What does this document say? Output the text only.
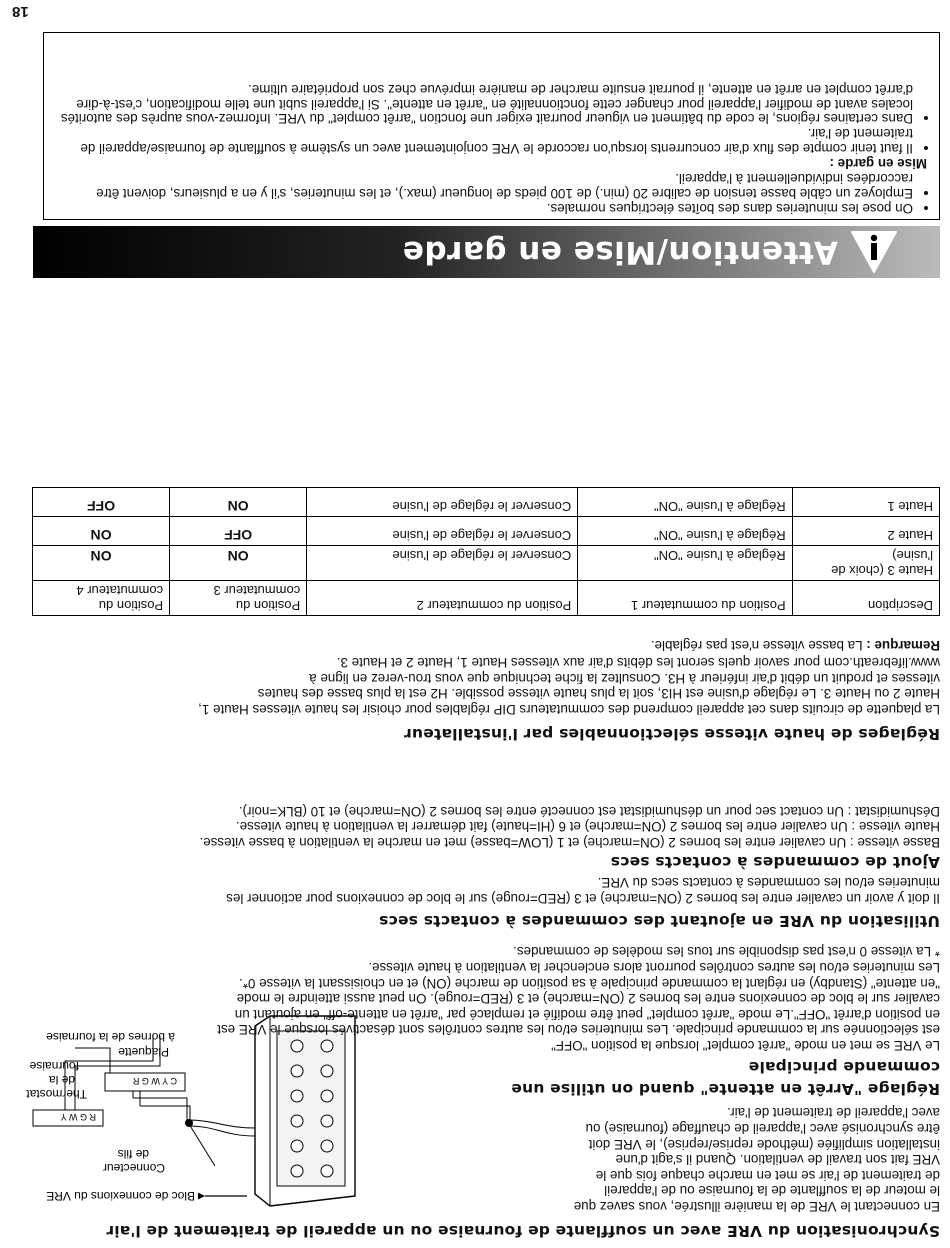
Synchronisation du VRE avec un soufflante de fournaise ou un appareil de traitement de l'air
R G W Y
C Y W G R
Bloc de connexions du VRE
Connecteur
de fils
Thermostat
de la
fournaise
Plaquette
à bornes de la fournaise

En connectant le VRE de la manière illustrée, vous savez que

le moteur de la soufflante de la fournaise ou de l'appareil

de traitement de l'air se met en marche chaque fois que le

VRE fait son travail de ventilation. Quand il s'agit d'une

installation simplifiée (méthode reprise/reprise), le VRE doit

être synchronisé avec l'appareil de chauffage (fournaise) ou

avec l'appareil de traitement de l'air.

Réglage "Arrêt en attente" quand on utilise une
commande principale

Le VRE se met en mode "arrêt complet" lorsque la position "OFF"

est sélectionnée sur la commande principale. Les minuteries et/ou les autres contrôles sont désactivés lorsque le VRE est

en position d'arrêt "OFF".Le mode "arrêt complet" peut être modifié et remplacé par "arrêt en attente-off" en ajoutant un

cavalier sur le bloc de connexions entre les bornes 2 (ON=marche) et 3 (RED=rouge). On peut aussi atteindre le mode

"en attente" (Standby) en réglant la commande principale à sa position de marche (ON) et en choisissant la vitesse 0*.

Les minuteries et/ou les autres contrôles pourront alors enclencher la ventilation à haute vitesse.

* La vitesse 0 n'est pas disponible sur tous les modèles de commandes.

Utilisation du VRE en ajoutant des commandes à contacts secs

Il doit y avoir un cavalier entre les bornes 2 (ON=marche) et 3 (RED=rouge) sur le bloc de connexions pour actionner les

minuteries et/ou les commandes à contacts secs du VRE.

Ajout de commandes à contacts secs

Basse vitesse : Un cavalier entre les bornes 2 (ON=marche) et 1 (LOW=basse) met en marche la ventilation à basse vitesse.

Haute vitesse : Un cavalier entre les bornes 2 (ON=marche) et 6 (HI=haute) fait démarrer la ventilation à haute vitesse.

Déshumidistat : Un contact sec pour un déshumidistat est connecté entre les bornes 2 (ON=marche) et 10 (BLK=noir).

Réglages de haute vitesse sélectionnables par l'installateur

La plaquette de circuits dans cet appareil comprend des commutateurs DIP réglables pour choisir les haute vitesses Haute 1,

Haute 2 ou Haute 3. Le réglage d'usine est HI3, soit la plus haute vitesse possible. H2 est la plus basse des hautes

vitesses et produit un débit d'air inférieur à H3. Consultez la fiche technique que vous trou-verez en ligne à

www.lifebreath.com pour savoir quels seront les débits d'air aux vitesses Haute 1, Haute 2 et Haute 3.

Remarque : La basse vitesse n'est pas réglable.

Description	Position du commutateur 1	Position du commutateur 2	Position du commutateur 3	Position du commutateur 4
Haute 3 (choix de l'usine)	Réglage à l'usine "ON"	Conserver le réglage de l'usine	ON	ON
Haute 2	Réglage à l'usine "ON"	Conserver le réglage de l'usine	OFF	ON
Haute 1	Réglage à l'usine "ON"	Conserver le réglage de l'usine	ON	OFF
Attention/Mise en garde
• On pose les minuteries dans des boîtes électriques normales.
• Employez un câble basse tension de calibre 20 (min.) de 100 pieds de longueur (max.), et les minuteries, s'il y en a plusieurs, doivent être raccordées individuellement à l'appareil.

Mise en garde :

• Il faut tenir compte des flux d'air concurrents lorsqu'on raccorde le VRE conjointement avec un système à soufflante de fournaise/appareil de traitement de l'air.
• Dans certaines régions, le code du bâtiment en vigueur pourrait exiger une fonction "arrêt complet" du VRE. Informez-vous auprès des autorités locales avant de modifier l'appareil pour changer cette fonctionnalité en "arrêt en attente". Si l'appareil subit une telle modification, c'est-à-dire d'arrêt complet en arrêt en attente, il pourrait ensuite marcher de manière imprévue chez son propriétaire ultime.
18
